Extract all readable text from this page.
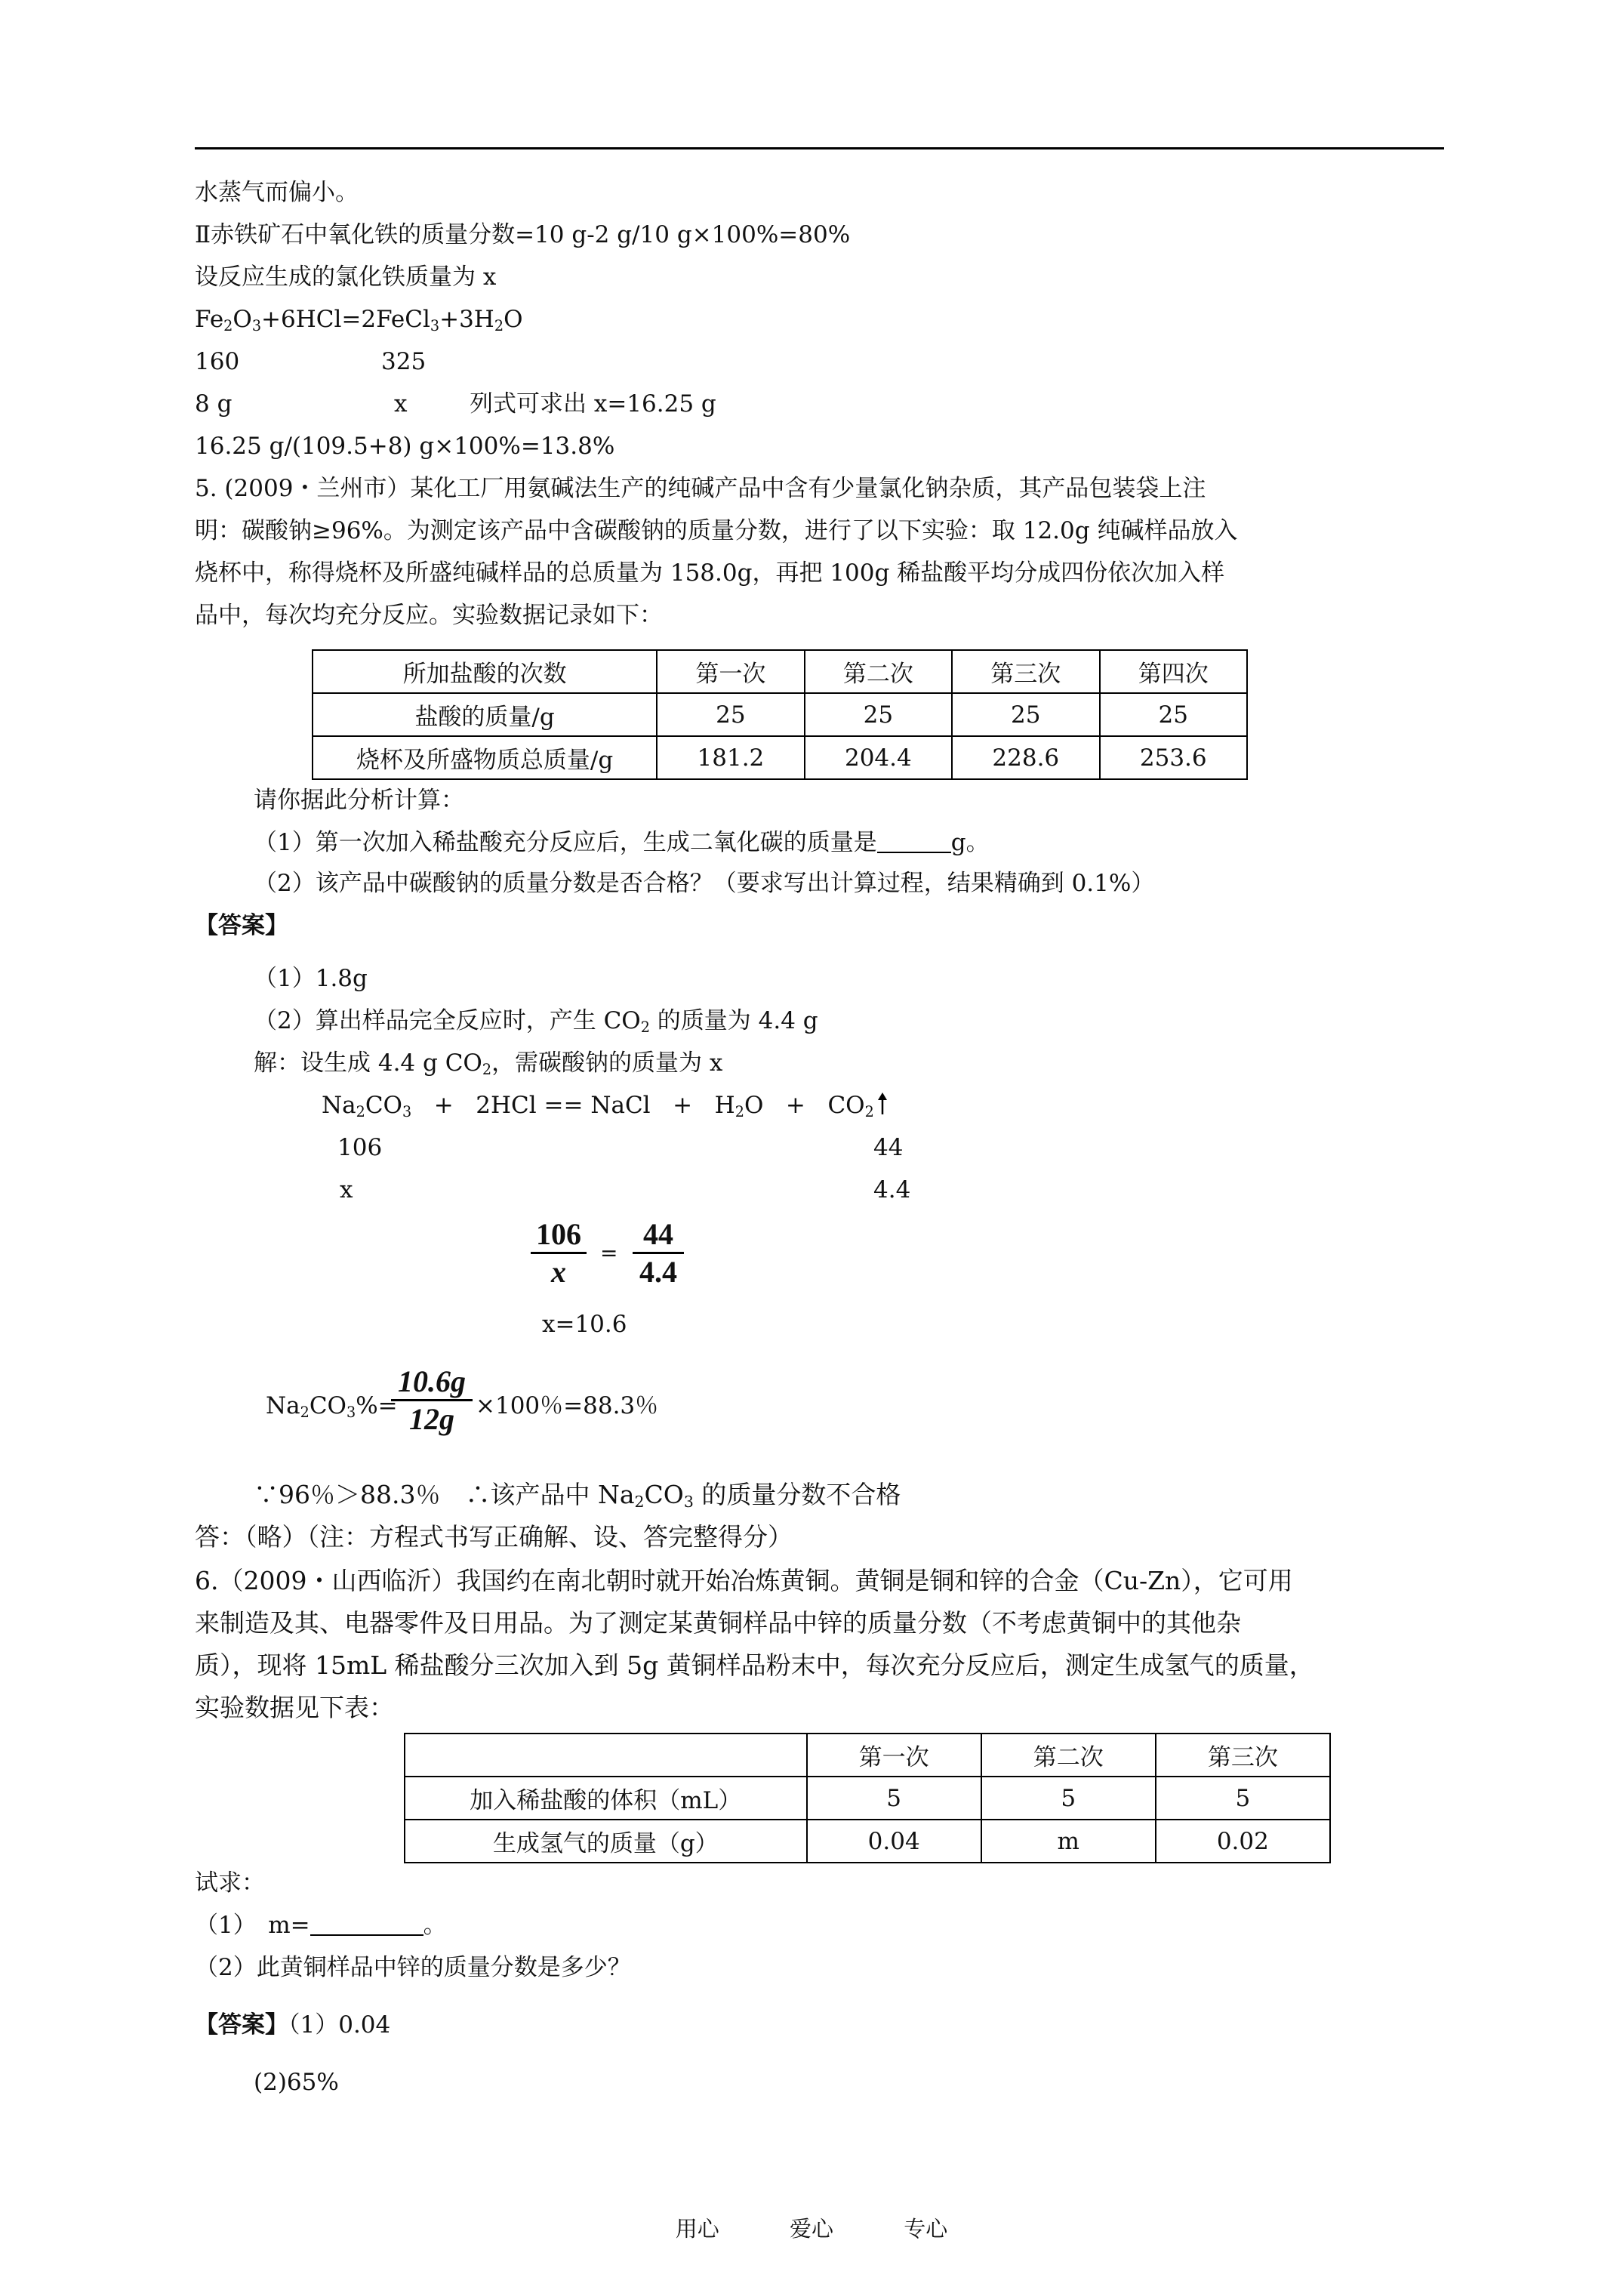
水蒸气而偏小。
Ⅱ赤铁矿石中氧化铁的质量分数=10 g-2 g/10 g×100%=80%
设反应生成的氯化铁质量为 x
$Fe_2O_3+6HCl=2FeCl_3+3H_2O$
160	325
8 g	x	列式可求出 x=16.25 g
16.25 g/(109.5+8) g×100%=13.8%
5. (2009・兰州市）某化工厂用氨碱法生产的纯碱产品中含有少量氯化钠杂质，其产品包装袋上注
明：碳酸钠≥96%。为测定该产品中含碳酸钠的质量分数，进行了以下实验：取 12.0g 纯碱样品放入
烧杯中，称得烧杯及所盛纯碱样品的总质量为 158.0g，再把 100g 稀盐酸平均分成四份依次加入样
品中，每次均充分反应。实验数据记录如下：
所加盐酸的次数	第一次	第二次	第三次	第四次
盐酸的质量/g	25	25	25	25
烧杯及所盛物质总质量/g	181.2	204.4	228.6	253.6
请你据此分析计算：
（1）第一次加入稀盐酸充分反应后，生成二氧化碳的质量是	g。
（2）该产品中碳酸钠的质量分数是否合格？（要求写出计算过程，结果精确到 0.1%）
【答案】
（1）1.8g
（2）算出样品完全反应时，产生 $CO_2$ 的质量为 4.4 g
解：设生成 4.4 g $CO_2$，需碳酸钠的质量为 x
$Na_2CO_3 + 2HCl$ == NaCl   +   $H_2O + CO_2$
106	44
x	4.4
$\frac{106}{x} = \frac{44}{4.4}$
x=10.6
$Na_2CO_3\%=$
$\frac{10.6g}{12g} \times 100$％=88.3％
∵96％＞88.3％　∴该产品中 $Na_2CO_3$ 的质量分数不合格
答：（略）（注：方程式书写正确解、设、答完整得分）
6.（2009・山西临沂）我国约在南北朝时就开始冶炼黄铜。黄铜是铜和锌的合金（Cu-Zn），它可用
来制造及其、电器零件及日用品。为了测定某黄铜样品中锌的质量分数（不考虑黄铜中的其他杂
质），现将 15mL 稀盐酸分三次加入到 5g 黄铜样品粉末中，每次充分反应后，测定生成氢气的质量，
实验数据见下表：
	第一次	第二次	第三次
加入稀盐酸的体积（mL）	5	5	5
生成氢气的质量（g）	0.04	m	0.02
试求：
（1）　m=	。
（2）此黄铜样品中锌的质量分数是多少？
【答案】（1）0.04
(2)65%
用心	爱心	专心
